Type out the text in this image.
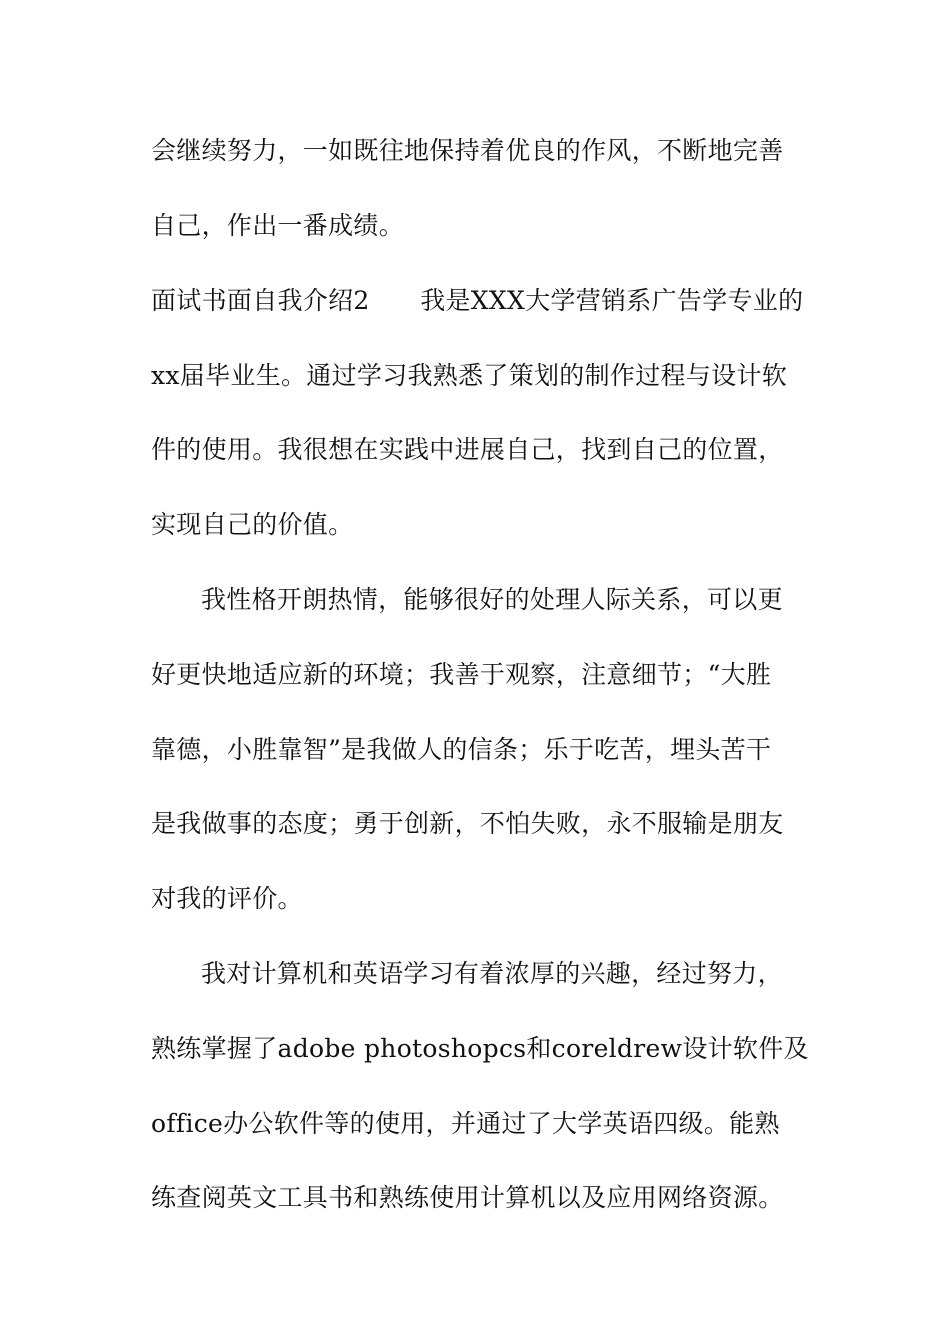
会继续努力，一如既往地保持着优良的作风，不断地完善
自己，作出一番成绩。
面试书面自我介绍2　　我是XXX大学营销系广告学专业的
xx届毕业生。通过学习我熟悉了策划的制作过程与设计软
件的使用。我很想在实践中进展自己，找到自己的位置，
实现自己的价值。
我性格开朗热情，能够很好的处理人际关系，可以更
好更快地适应新的环境；我善于观察，注意细节；“大胜
靠德，小胜靠智”是我做人的信条；乐于吃苦，埋头苦干
是我做事的态度；勇于创新，不怕失败，永不服输是朋友
对我的评价。
我对计算机和英语学习有着浓厚的兴趣，经过努力，
熟练掌握了adobe photoshopcs和coreldrew设计软件及
office办公软件等的使用，并通过了大学英语四级。能熟
练查阅英文工具书和熟练使用计算机以及应用网络资源。
